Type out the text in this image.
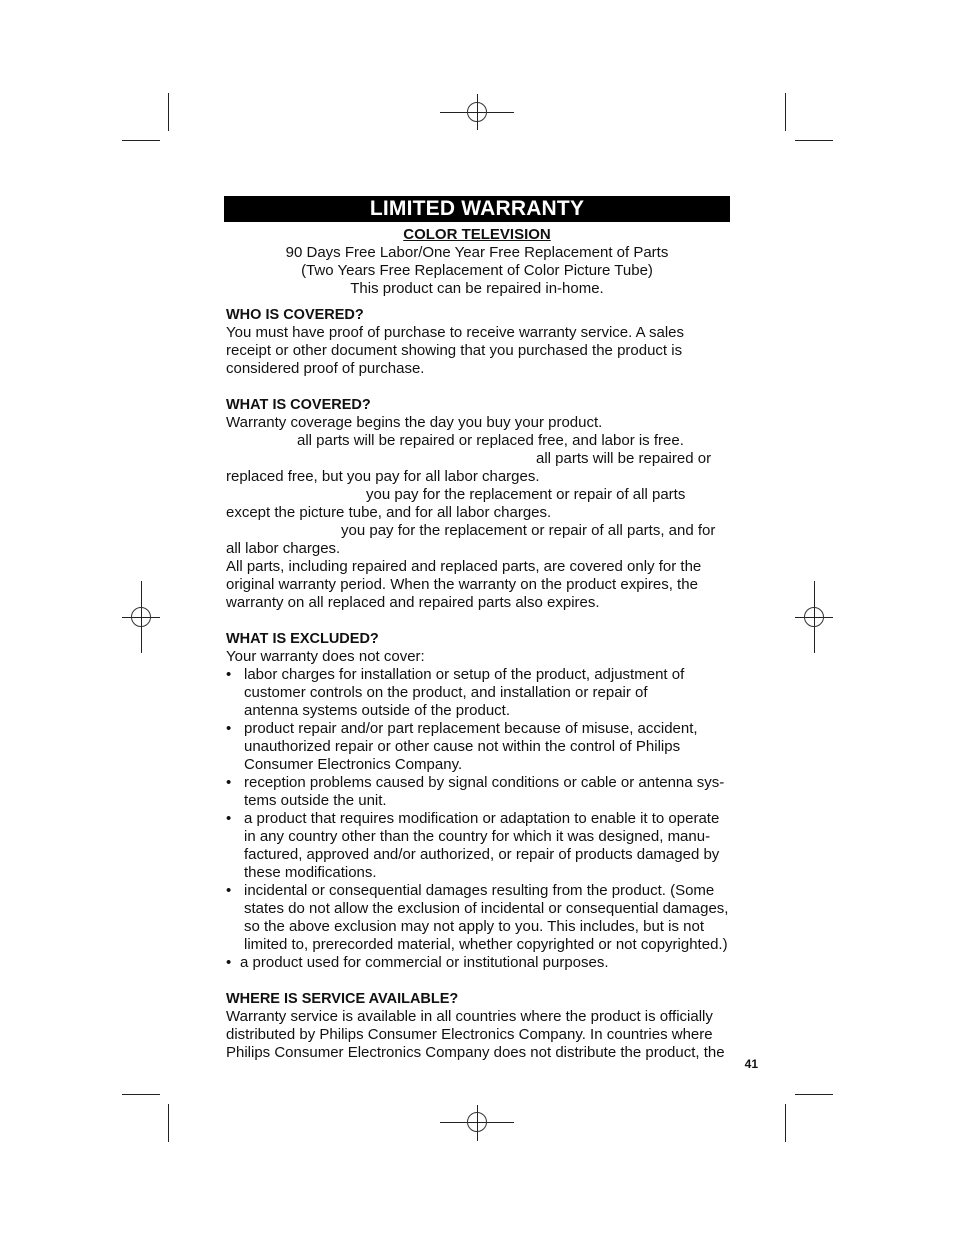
LIMITED WARRANTY
COLOR TELEVISION
90 Days Free Labor/One Year Free Replacement of Parts
(Two Years Free Replacement of Color Picture Tube)
This product can be repaired in-home.
WHO IS COVERED?

You must have proof of purchase to receive warranty service. A sales
receipt or other document showing that you purchased the product is
considered proof of purchase.

WHAT IS COVERED?

Warranty coverage begins the day you buy your product.
all parts will be repaired or replaced free, and labor is free.
all parts will be repaired or
replaced free, but you pay for all labor charges.
you pay for the replacement or repair of all parts
except the picture tube, and for all labor charges.
you pay for the replacement or repair of all parts, and for
all labor charges.
All parts, including repaired and replaced parts, are covered only for the
original warranty period. When the warranty on the product expires, the
warranty on all replaced and repaired parts also expires.

WHAT IS EXCLUDED?

Your warranty does not cover:

• labor charges for installation or setup of the product, adjustment of
customer controls on the product, and installation or repair of
antenna systems outside of the product.
• product repair and/or part replacement because of misuse, accident,
unauthorized repair or other cause not within the control of Philips
Consumer Electronics Company.
• reception problems caused by signal conditions or cable or antenna sys-
tems outside the unit.
• a product that requires modification or adaptation to enable it to operate
in any country other than the country for which it was designed, manu-
factured, approved and/or authorized, or repair of products damaged by
these modifications.
• incidental or consequential damages resulting from the product. (Some
states do not allow the exclusion of incidental or consequential damages,
so the above exclusion may not apply to you. This includes, but is not
limited to, prerecorded material, whether copyrighted or not copyrighted.)
• a product used for commercial or institutional purposes.
WHERE IS SERVICE AVAILABLE?

Warranty service is available in all countries where the product is officially
distributed by Philips Consumer Electronics Company. In countries where
Philips Consumer Electronics Company does not distribute the product, the

41
